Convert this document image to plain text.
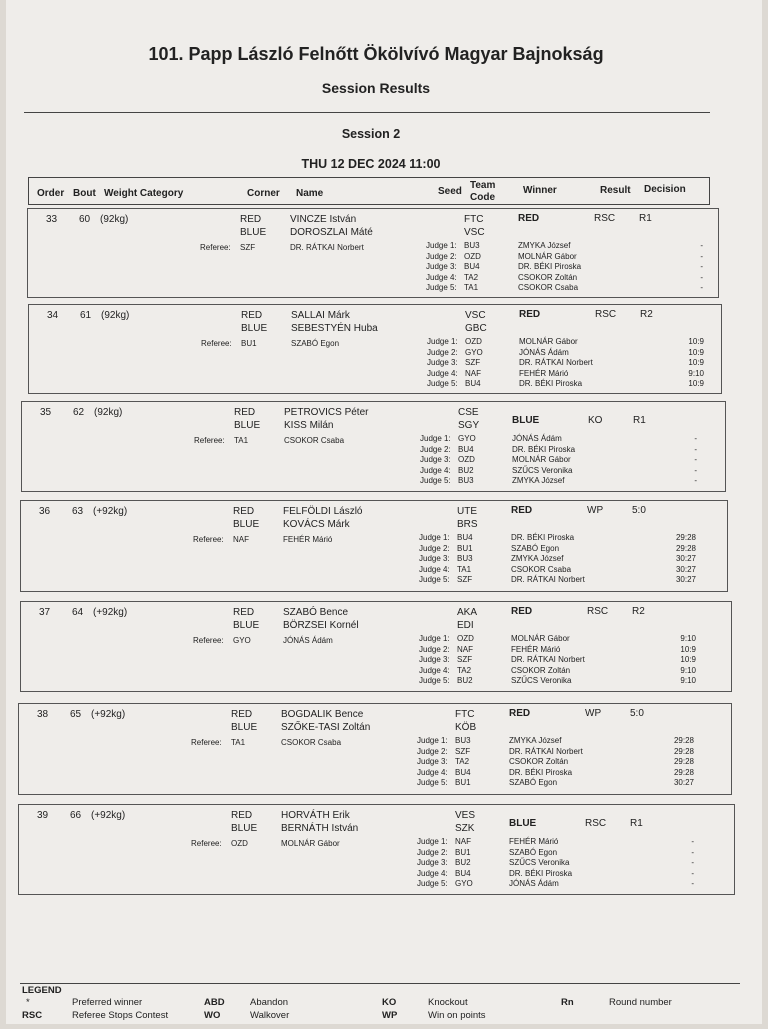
101. Papp László Felnőtt Ökölvívó Magyar Bajnokság
Session Results
Session 2
THU 12 DEC 2024 11:00
Order Bout Weight Category	Corner Name	Seed
Team
Code
Winner	Result Decision
33 60 (92kg)	RED	VINCZE István	FTC
BLUE DOROSZLAI Máté	VSC
RED	RSC R1
Referee: SZF	DR. RÁTKAI Norbert	Judge 1: BU3	ZMYKA József	-
Judge 2: OZD	MOLNÁR Gábor	-
Judge 3: BU4	DR. BÉKI Piroska	-
Judge 4: TA2	CSOKOR Zoltán	-
Judge 5: TA1	CSOKOR Csaba	-
34 61 (92kg)	RED	SALLAI Márk	VSC
BLUE SEBESTYÉN Huba	GBC
RED	RSC R2
Referee: BU1	SZABÓ Egon	Judge 1: OZD	MOLNÁR Gábor	10:9
Judge 2: GYO	JÓNÁS Ádám	10:9
Judge 3: SZF	DR. RÁTKAI Norbert	10:9
Judge 4: NAF	FEHÉR Márió	9:10
Judge 5: BU4	DR. BÉKI Piroska	10:9
35 62 (92kg)	RED	PETROVICS Péter	CSE
BLUE KISS Milán	SGY	BLUE	KO	R1
Referee: TA1	CSOKOR Csaba	Judge 1: GYO	JÓNÁS Ádám	-
Judge 2: BU4	DR. BÉKI Piroska	-
Judge 3: OZD	MOLNÁR Gábor	-
Judge 4: BU2	SZŰCS Veronika	-
Judge 5: BU3	ZMYKA József	-
36 63 (+92kg)	RED	FELFÖLDI László	UTE
BLUE KOVÁCS Márk	BRS
RED	WP	5:0
Referee: NAF	FEHÉR Márió	Judge 1: BU4	DR. BÉKI Piroska	29:28
Judge 2: BU1	SZABÓ Egon	29:28
Judge 3: BU3	ZMYKA József	30:27
Judge 4: TA1	CSOKOR Csaba	30:27
Judge 5: SZF	DR. RÁTKAI Norbert	30:27
37 64 (+92kg)	RED	SZABÓ Bence	AKA
BLUE BÖRZSEI Kornél	EDI
RED	RSC R2
Referee: GYO	JÓNÁS Ádám	Judge 1: OZD	MOLNÁR Gábor	9:10
Judge 2: NAF	FEHÉR Márió	10:9
Judge 3: SZF	DR. RÁTKAI Norbert	10:9
Judge 4: TA2	CSOKOR Zoltán	9:10
Judge 5: BU2	SZŰCS Veronika	9:10
38 65 (+92kg)	RED	BOGDALIK Bence	FTC
BLUE SZŐKE-TASI Zoltán	KÖB
RED	WP	5:0
Referee: TA1	CSOKOR Csaba	Judge 1: BU3	ZMYKA József	29:28
Judge 2: SZF	DR. RÁTKAI Norbert	29:28
Judge 3: TA2	CSOKOR Zoltán	29:28
Judge 4: BU4	DR. BÉKI Piroska	29:28
Judge 5: BU1	SZABÓ Egon	30:27
39 66 (+92kg)	RED	HORVÁTH Erik	VES
BLUE BERNÁTH István	SZK	BLUE	RSC R1
Referee: OZD	MOLNÁR Gábor	Judge 1: NAF	FEHÉR Márió	-
Judge 2: BU1	SZABÓ Egon	-
Judge 3: BU2	SZŰCS Veronika	-
Judge 4: BU4	DR. BÉKI Piroska	-
Judge 5: GYO	JÓNÁS Ádám	-
LEGEND
*	Preferred winner
RSC	Referee Stops Contest
ABD	Abandon
WO	Walkover
KO	Knockout
WP	Win on points
Rn	Round number
